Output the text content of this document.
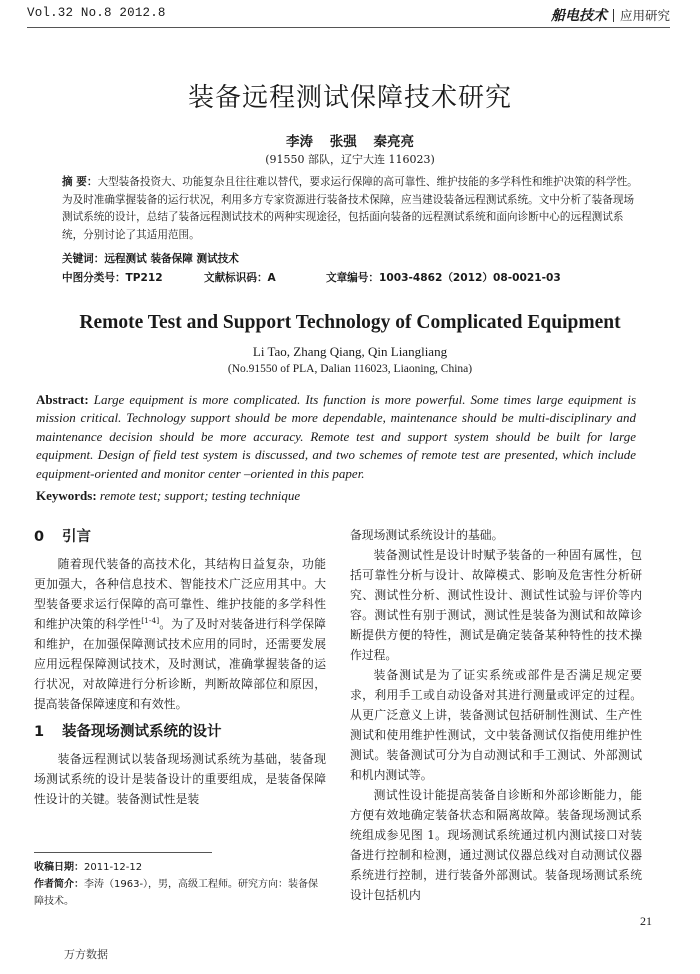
Vol.32 No.8 2012.8	船电技术 应用研究
装备远程测试保障技术研究
李涛 张强 秦亮亮
(91550 部队，辽宁大连 116023)
摘 要：大型装备投资大、功能复杂且往往难以替代，要求运行保障的高可靠性、维护技能的多学科性和维护决策的科学性。为及时准确掌握装备的运行状况，利用多方专家资源进行装备技术保障，应当建设装备远程测试系统。文中分析了装备现场测试系统的设计，总结了装备远程测试技术的两种实现途径，包括面向装备的远程测试系统和面向诊断中心的远程测试系统，分别讨论了其适用范围。
关键词：远程测试 装备保障 测试技术
中图分类号：TP212	文献标识码：A	文章编号：1003-4862（2012）08-0021-03
Remote Test and Support Technology of Complicated Equipment
Li Tao, Zhang Qiang, Qin Liangliang
(No.91550 of PLA, Dalian 116023, Liaoning, China)
Abstract: Large equipment is more complicated. Its function is more powerful. Some times large equipment is mission critical. Technology support should be more dependable, maintenance should be multi-disciplinary and maintenance decision should be more accuracy. Remote test and support system should be built for large equipment. Design of field test system is discussed, and two schemes of remote test are presented, which include equipment-oriented and monitor center –oriented in this paper.
Keywords: remote test; support; testing technique
0 引言

随着现代装备的高技术化，其结构日益复杂，功能更加强大，各种信息技术、智能技术广泛应用其中。大型装备要求运行保障的高可靠性、维护技能的多学科性和维护决策的科学性[1-4]。为了及时对装备进行科学保障和维护，在加强保障测试技术应用的同时，还需要发展应用远程保障测试技术，及时测试，准确掌握装备的运行状况，对故障进行分析诊断，判断故障部位和原因，提高装备保障速度和有效性。

1 装备现场测试系统的设计

装备远程测试以装备现场测试系统为基础，装备现场测试系统的设计是装备设计的重要组成，是装备保障性设计的关键。装备测试性是装

收稿日期：2011-12-12
作者简介：李涛（1963-），男，高级工程师。研究方向：装备保障技术。

备现场测试系统设计的基础。

装备测试性是设计时赋予装备的一种固有属性，包括可靠性分析与设计、故障模式、影响及危害性分析研究、测试性分析、测试性设计、测试性试验与评价等内容。测试性有别于测试，测试性是装备为测试和故障诊断提供方便的特性，测试是确定装备某种特性的技术操作过程。

装备测试是为了证实系统或部件是否满足规定要求，利用手工或自动设备对其进行测量或评定的过程。从更广泛意义上讲，装备测试包括研制性测试、生产性测试和使用维护性测试，文中装备测试仅指使用维护性测试。装备测试可分为自动测试和手工测试、外部测试和机内测试等。

测试性设计能提高装备自诊断和外部诊断能力，能方便有效地确定装备状态和隔离故障。装备现场测试系统组成参见图 1。现场测试系统通过机内测试接口对装备进行控制和检测，通过测试仪器总线对自动测试仪器系统进行控制，进行装备外部测试。装备现场测试系统设计包括机内

21
万方数据
